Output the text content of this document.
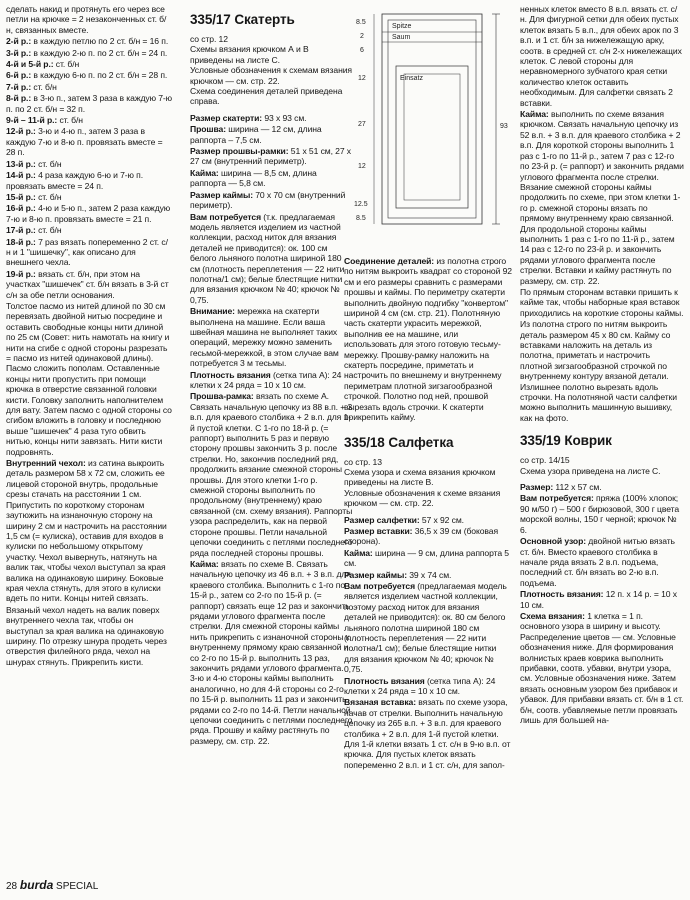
сделать накид и протянуть его через все петли на крючке = 2 незаконченных ст. б/н, связанных вместе.

2-й р.: в каждую петлю по 2 ст. б/н = 16 п.

3-й р.: в каждую 2-ю п. по 2 ст. б/н = 24 п.

4-й и 5-й р.: ст. б/н

6-й р.: в каждую 6-ю п. по 2 ст. б/н = 28 п.

7-й р.: ст. б/н

8-й р.: в 3-ю п., затем 3 раза в каждую 7-ю п. по 2 ст. б/н = 32 п.

9-й – 11-й р.: ст. б/н

12-й р.: 3-ю и 4-ю п., затем 3 раза в каждую 7-ю и 8-ю п. провязать вместе = 28 п.

13-й р.: ст. б/н

14-й р.: 4 раза каждую 6-ю и 7-ю п. провязать вместе = 24 п.

15-й р.: ст. б/н

16-й р.: 4-ю и 5-ю п., затем 2 раза каждую 7-ю и 8-ю п. провязать вместе = 21 п.

17-й р.: ст. б/н

18-й р.: 7 раз вязать попеременно 2 ст. с/н и 1 "шишечку", как описано для внешнего чехла.

19-й р.: вязать ст. б/н, при этом на участках "шишечек" ст. б/н вязать в 3-й ст с/н за обе петли основания.

Толстое пасмо из нитей длиной по 30 см перевязать двойной нитью посредине и оставить свободные концы нити длиной по 25 см (Совет: нить намотать на книгу и нити на сгибе с одной стороны разрезать = пасмо из нитей одинаковой длины). Пасмо сложить пополам. Оставленные концы нити пропустить при помощи крючка в отверстие связанной головки кисти. Головку заполнить наполнителем для вату. Затем пасмо с одной стороны со сгибом вложить в головку и последнюю выше "шишечек" 4 раза туго обвить нитью, концы нити завязать. Нити кисти подровнять.

Внутренний чехол: из сатина выкроить деталь размером 58 х 72 см, сложить ее лицевой стороной внутрь, продольные срезы стачать на расстоянии 1 см. Припустить по короткому сторонам заутюжить на изнаночную сторону на ширину 2 см и настрочить на расстоянии 1,5 см (= кулиска), оставив для входов в кулиски по небольшому открытому участку. Чехол вывернуть, натянуть на валик так, чтобы чехол выступал за края валика на одинаковую ширину. Боковые края чехла стянуть, для этого в кулиски вдеть по нити. Концы нитей связать.

Вязаный чехол надеть на валик поверх внутреннего чехла так, чтобы он выступал за края валика на одинаковую ширину. По отрезку шнура продеть через отверстия филейного ряда, чехол на шнурах стянуть. Прикрепить кисти.

335/17 Скатерть

со стр. 12
Схемы вязания крючком А и В приведены на листе С.
Условные обозначения к схемам вязания крючком — см. стр. 22.
Схема соединения деталей приведена справа.

Размер скатерти: 93 х 93 см.

Прошва: ширина — 12 см, длина раппорта – 7,5 см.

Размер прошвы-рамки: 51 х 51 см, 27 х 27 см (внутренний периметр).

Кайма: ширина — 8,5 см, длина раппорта — 5,8 см.

Размер каймы: 70 х 70 см (внутренний периметр).

Вам потребуется (т.к. предлагаемая модель является изделием из частной коллекции, расход ниток для вязания деталей не приводится): ок. 100 см белого льняного полотна шириной 180 см (плотность переплетения — 22 нити полотна/1 см); белые блестящие нитки для вязания крючком № 40; крючок № 0,75.

Внимание: мережка на скатерти выполнена на машине. Если ваша швейная машина не выполняет таких операций, мережку можно заменить гесьмой-мережкой, в этом случае вам потребуется 3 м тесьмы.

Плотность вязания (сетка типа А): 24 клетки х 24 ряда = 10 х 10 см.

Прошва-рамка: вязать по схеме А. Связать начальную цепочку из 88 в.п. + 3 в.п. для краевого столбика + 2 в.п. для 1-й пустой клетки. С 1-го по 18-й р. (= раппорт) выполнить 5 раз и первую сторону прошвы закончить 3 р. после стрелки. Но, закончив последний ряд, продолжить вязание смежной стороны прошвы. Для этого клетки 1-го р. смежной стороны выполнить по продольному (внутреннему) краю связанной (см. схему вязания). Раппорты узора распределить, как на первой стороне прошвы. Петли начальной цепочки соединить с петлями последнего ряда последней стороны прошвы.

Кайма: вязать по схеме В. Связать начальную цепочку из 46 в.п. + 3 в.п. для краевого столбика. Выполнить с 1-го по 15-й р., затем со 2-го по 15-й р. (= раппорт) связать еще 12 раз и закончить рядами углового фрагмента после стрелки. Для смежной стороны каймы нить прикрепить с изнаночной стороны к внутреннему прямому краю связанной и со 2-го по 15-й р. выполнить 13 раз, закончить рядами углового фрагмента. 3-ю и 4-ю стороны каймы выполнить аналогично, но для 4-й стороны со 2-го по 15-й р. выполнить 11 раз и закончить рядами со 2-го по 14-й. Петли начальной цепочки соединить с петлями последнего ряда. Прошву и кайму растянуть по размеру, см. стр. 22.

Spitze
Saum
Einsatz
8.5
2
6
12
27
12
12.5
8.5
93

Соединение деталей: из полотна строго по нитям выкроить квадрат со стороной 92 см и его размеры сравнить с размерами прошвы и каймы. По периметру скатерти выполнить двойную подгибку "конвертом" шириной 4 см (см. стр. 21). Полотняную часть скатерти украсить мережкой, выполнив ее на машине, или использовать для этого готовую тесьму-мережку. Прошву-рамку наложить на скатерть посредине, приметать и настрочить по внешнему и внутреннему периметрам плотной зигзагообразной строчкой. Полотно под ней, прошвой вырезать вдоль строчки. К скатерти прикрепить кайму.

335/18 Салфетка

со стр. 13
Схема узора и схема вязания крючком приведены на листе В.
Условные обозначения к схеме вязания крючком — см. стр. 22.

Размер салфетки: 57 х 92 см.

Размер вставки: 36,5 х 39 см (боковая сторона).

Кайма: ширина — 9 см, длина раппорта 5 см.

Размер каймы: 39 х 74 см.

Вам потребуется (предлагаемая модель является изделием частной коллекции, поэтому расход ниток для вязания деталей не приводится): ок. 80 см белого льняного полотна шириной 180 см (плотность переплетения — 22 нити полотна/1 см); белые блестящие нитки для вязания крючком № 40; крючок № 0,75.

Плотность вязания (сетка типа А): 24 клетки х 24 ряда = 10 х 10 см.

Вязаная вставка: вязать по схеме узора, начав от стрелки. Выполнить начальную цепочку из 265 в.п. + 3 в.п. для краевого столбика + 2 в.п. для 1-й пустой клетки. Для 1-й клетки вязать 1 ст. с/н в 9-ю в.п. от крючка. Для пустых клеток вязать попеременно 2 в.п. и 1 ст. с/н, для запол-

ненных клеток вместо 8 в.п. вязать ст. с/н. Для фигурной сетки для обеих пустых клеток вязать 5 в.п., для обеих арок по 3 в.п. и 1 ст. б/н за нижележащую арку, соотв. в средней ст. с/н 2-х нижележащих клеток. С левой стороны для неравномерного зубчатого края сетки количество клеток оставить необходимым. Для салфетки связать 2 вставки.

Кайма: выполнить по схеме вязания крючком. Связать начальную цепочку из 52 в.п. + 3 в.п. для краевого столбика + 2 в.п. Для короткой стороны выполнить 1 раз с 1-го по 11-й р., затем 7 раз с 12-го по 23-й р. (= раппорт) и закончить рядами углового фрагмента после стрелки. Вязание смежной стороны каймы продолжить по схеме, при этом клетки 1-го р. смежной стороны вязать по прямому внутреннему краю связанной. Для продольной стороны каймы выполнить 1 раз с 1-го по 11-й р., затем 14 раз с 12-го по 23-й р. и закончить рядами углового фрагмента после стрелки. Вставки и кайму растянуть по размеру, см. стр. 22.

По прямым сторонам вставки пришить к кайме так, чтобы наборные края вставок приходились на короткие стороны каймы.

Из полотна строго по нитям выкроить деталь размером 45 х 80 см. Кайму со вставками наложить на деталь из полотна, приметать и настрочить плотной зигзагообразной строчкой по внутреннему контуру вязаной детали. Излишнее полотно вырезать вдоль строчки. На полотняной части салфетки можно выполнить машинную вышивку, как на фото.

335/19 Коврик

со стр. 14/15
Схема узора приведена на листе С.

Размер: 112 х 57 см.

Вам потребуется: пряжа (100% хлопок; 90 м/50 г) – 500 г бирюзовой, 300 г цвета морской волны, 150 г черной; крючок № 6.

Основной узор: двойной нитью вязать ст. б/н. Вместо краевого столбика в начале ряда вязать 2 в.п. подъема, последний ст. б/н вязать во 2-ю в.п. подъема.

Плотность вязания: 12 п. х 14 р. = 10 х 10 см.

Схема вязания: 1 клетка = 1 п. основного узора в ширину и высоту. Распределение цветов — см. Условные обозначения ниже. Для формирования волнистых краев коврика выполнить прибавки, соотв. убавки, внутри узора, см. Условные обозначения ниже. Затем вязать основным узором без прибавок и убавок. Для прибавки вязать ст. б/н в 1 ст. б/н, соотв. убавляемые петли провязать лишь для большей на-

28 burda SPECIAL
